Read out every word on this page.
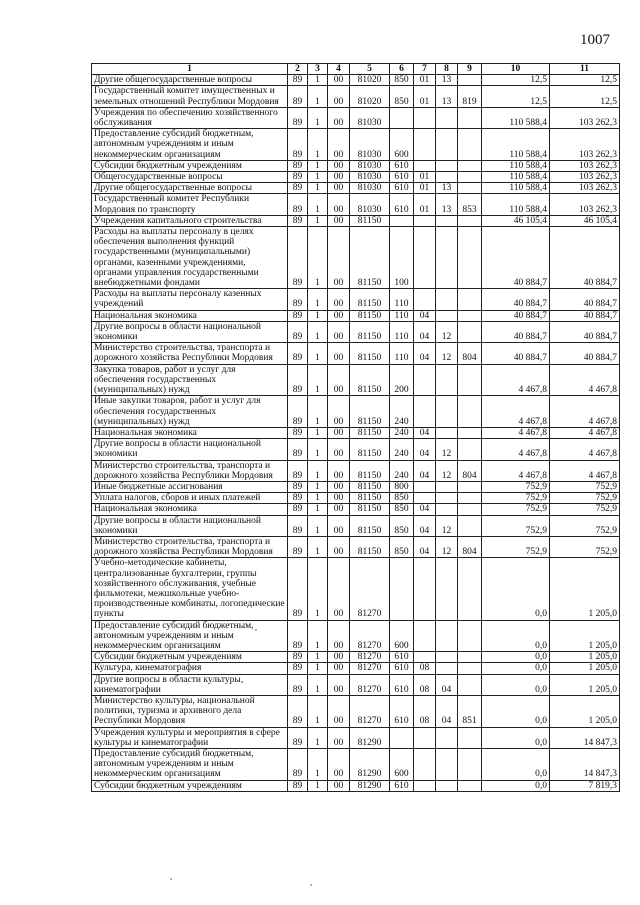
1007
1	2	3	4	5	6	7	8	9	10	11
Другие общегосударственные вопросы	89	1	00	81020	850	01	13		12,5	12,5
Государственный комитет имущественных и земельных отношений Республики Мордовия	89	1	00	81020	850	01	13	819	12,5	12,5
Учреждения по обеспечению хозяйственного обслуживания	89	1	00	81030					110 588,4	103 262,3
Предоставление субсидий бюджетным, автономным учреждениям и иным некоммерческим организациям	89	1	00	81030	600				110 588,4	103 262,3
Субсидии бюджетным учреждениям	89	1	00	81030	610				110 588,4	103 262,3
Общегосударственные вопросы	89	1	00	81030	610	01			110 588,4	103 262,3
Другие общегосударственные вопросы	89	1	00	81030	610	01	13		110 588,4	103 262,3
Государственный комитет Республики Мордовия по транспорту	89	1	00	81030	610	01	13	853	110 588,4	103 262,3
Учреждения капитального строительства	89	1	00	81150					46 105,4	46 105,4
Расходы на выплаты персоналу в целях обеспечения выполнения функций государственными (муниципальными) органами, казенными учреждениями, органами управления государственными внебюджетными фондами	89	1	00	81150	100				40 884,7	40 884,7
Расходы на выплаты персоналу казенных учреждений	89	1	00	81150	110				40 884,7	40 884,7
Национальная экономика	89	1	00	81150	110	04			40 884,7	40 884,7
Другие вопросы в области национальной экономики	89	1	00	81150	110	04	12		40 884,7	40 884,7
Министерство строительства, транспорта и дорожного хозяйства Республики Мордовия	89	1	00	81150	110	04	12	804	40 884,7	40 884,7
Закупка товаров, работ и услуг для обеспечения государственных (муниципальных) нужд	89	1	00	81150	200				4 467,8	4 467,8
Иные закупки товаров, работ и услуг для обеспечения государственных (муниципальных) нужд	89	1	00	81150	240				4 467,8	4 467,8
Национальная экономика	89	1	00	81150	240	04			4 467,8	4 467,8
Другие вопросы в области национальной экономики	89	1	00	81150	240	04	12		4 467,8	4 467,8
Министерство строительства, транспорта и дорожного хозяйства Республики Мордовия	89	1	00	81150	240	04	12	804	4 467,8	4 467,8
Иные бюджетные ассигнования	89	1	00	81150	800				752,9	752,9
Уплата налогов, сборов и иных платежей	89	1	00	81150	850				752,9	752,9
Национальная экономика	89	1	00	81150	850	04			752,9	752,9
Другие вопросы в области национальной экономики	89	1	00	81150	850	04	12		752,9	752,9
Министерство строительства, транспорта и дорожного хозяйства Республики Мордовия	89	1	00	81150	850	04	12	804	752,9	752,9
Учебно-методические кабинеты, централизованные бухгалтерии, группы хозяйственного обслуживания, учебные фильмотеки, межшкольные учебно-производственные комбинаты, логопедические пункты	89	1	00	81270					0,0	1 205,0
Предоставление субсидий бюджетным, автономным учреждениям и иным некоммерческим организациям	89	1	00	81270	600				0,0	1 205,0
Субсидии бюджетным учреждениям	89	1	00	81270	610				0,0	1 205,0
Культура, кинематография	89	1	00	81270	610	08			0,0	1 205,0
Другие вопросы в области культуры, кинематографии	89	1	00	81270	610	08	04		0,0	1 205,0
Министерство культуры, национальной политики, туризма и архивного дела Республики Мордовия	89	1	00	81270	610	08	04	851	0,0	1 205,0
Учреждения культуры и мероприятия в сфере культуры и кинематографии	89	1	00	81290					0,0	14 847,3
Предоставление субсидий бюджетным, автономным учреждениям и иным некоммерческим организациям	89	1	00	81290	600				0,0	14 847,3
Субсидии бюджетным учреждениям	89	1	00	81290	610				0,0	7 819,3
